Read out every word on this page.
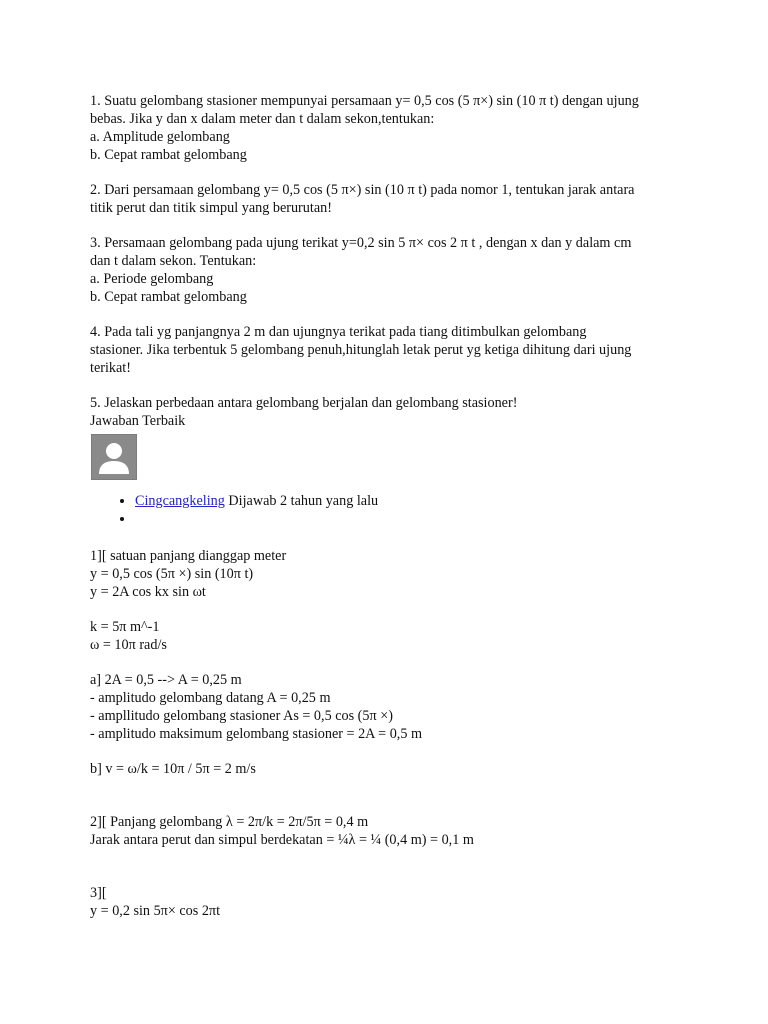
1. Suatu gelombang stasioner mempunyai persamaan y= 0,5 cos (5 π×) sin (10 π t) dengan ujung
bebas. Jika y dan x dalam meter dan t dalam sekon,tentukan:
a. Amplitude gelombang
b. Cepat rambat gelombang
2. Dari persamaan gelombang y= 0,5 cos (5 π×) sin (10 π t) pada nomor 1, tentukan jarak antara
titik perut dan titik simpul yang berurutan!
3. Persamaan gelombang pada ujung terikat y=0,2 sin 5 π× cos 2 π t , dengan x dan y dalam cm
dan t dalam sekon. Tentukan:
a. Periode gelombang
b. Cepat rambat gelombang
4. Pada tali yg panjangnya 2 m dan ujungnya terikat pada tiang ditimbulkan gelombang
stasioner. Jika terbentuk 5 gelombang penuh,hitunglah letak perut yg ketiga dihitung dari ujung
terikat!
5. Jelaskan perbedaan antara gelombang berjalan dan gelombang stasioner!
Jawaban Terbaik
• Cingcangkeling Dijawab 2 tahun yang lalu
•
1][ satuan panjang dianggap meter
y = 0,5 cos (5π ×) sin (10π t)
y = 2A cos kx sin ωt
k = 5π m^-1
ω = 10π rad/s
a] 2A = 0,5 --> A = 0,25 m
- amplitudo gelombang datang A = 0,25 m
- ampllitudo gelombang stasioner As = 0,5 cos (5π ×)
- amplitudo maksimum gelombang stasioner = 2A = 0,5 m
b] v = ω/k = 10π / 5π = 2 m/s
2][ Panjang gelombang λ = 2π/k = 2π/5π = 0,4 m
Jarak antara perut dan simpul berdekatan = ¼λ = ¼ (0,4 m) = 0,1 m
3][
y = 0,2 sin 5π× cos 2πt
